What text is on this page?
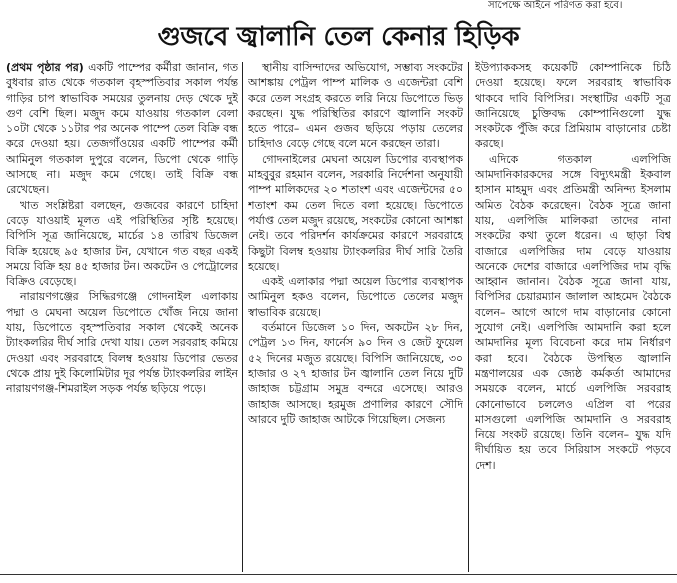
সাপেক্ষে আইনে পরিণত করা হবে।
গুজবে জ্বালানি তেল কেনার হিড়িক

(প্রথম পৃষ্ঠার পর) একটি পাম্পের কর্মীরা জানান, গত বুধবার রাত থেকে গতকাল বৃহস্পতিবার সকাল পর্যন্ত গাড়ির চাপ স্বাভাবিক সময়ের তুলনায় দেড় থেকে দুই গুণ বেশি ছিল। মজুদ কমে যাওয়ায় গতকাল বেলা ১০টা থেকে ১১টার পর অনেক পাম্পে তেল বিক্রি বন্ধ করে দেওয়া হয়। তেজগাঁওয়ের একটি পাম্পের কর্মী আমিনুল গতকাল দুপুরে বলেন, ডিপো থেকে গাড়ি আসছে না। মজুদ কমে গেছে। তাই বিক্রি বন্ধ রেখেছেন।

খাত সংশ্লিষ্টরা বলছেন, গুজবের কারণে চাহিদা বেড়ে যাওয়াই মূলত এই পরিস্থিতির সৃষ্টি হয়েছে। বিপিসি সূত্র জানিয়েছে, মার্চের ১৪ তারিখ ডিজেল বিক্রি হয়েছে ৯৫ হাজার টন, যেখানে গত বছর একই সময়ে বিক্রি হয় ৪৫ হাজার টন। অকটেন ও পেট্রোলের বিক্রিও বেড়েছে।

নারায়ণগঞ্জের সিদ্ধিরগঞ্জে গোদনাইল এলাকায় পদ্মা ও মেঘনা অয়েল ডিপোতে খোঁজ নিয়ে জানা যায়, ডিপোতে বৃহস্পতিবার সকাল থেকেই অনেক ট্যাংকলরির দীর্ঘ সারি দেখা যায়। তেল সরবরাহ কমিয়ে দেওয়া এবং সরবরাহে বিলম্ব হওয়ায় ডিপোর ভেতর থেকে প্রায় দুই কিলোমিটার দূর পর্যন্ত ট্যাংকলরির লাইন নারায়ণগঞ্জ-শিমরাইল সড়ক পর্যন্ত ছড়িয়ে পড়ে।

স্থানীয় বাসিন্দাদের অভিযোগ, সম্ভাব্য সংকটের আশঙ্কায় পেট্রল পাম্প মালিক ও এজেন্টরা বেশি করে তেল সংগ্রহ করতে লরি নিয়ে ডিপোতে ভিড় করছেন। যুদ্ধ পরিস্থিতির কারণে জ্বালানি সংকট হতে পারে– এমন গুজব ছড়িয়ে পড়ায় তেলের চাহিদাও বেড়ে গেছে বলে মনে করছেন তারা।

গোদনাইলের মেঘনা অয়েল ডিপোর ব্যবস্থাপক মাহবুবুর রহমান বলেন, সরকারি নির্দেশনা অনুযায়ী পাম্প মালিকদের ২০ শতাংশ এবং এজেন্টদের ৫০ শতাংশ কম তেল দিতে বলা হয়েছে। ডিপোতে পর্যাপ্ত তেল মজুদ রয়েছে, সংকটের কোনো আশঙ্কা নেই। তবে পরিদর্শন কার্যক্রমের কারণে সরবরাহে কিছুটা বিলম্ব হওয়ায় ট্যাংকলরির দীর্ঘ সারি তৈরি হয়েছে।

একই এলাকার পদ্মা অয়েল ডিপোর ব্যবস্থাপক আমিনুল হকও বলেন, ডিপোতে তেলের মজুদ স্বাভাবিক রয়েছে।

বর্তমানে ডিজেল ১০ দিন, অকটেন ২৮ দিন, পেট্রল ১৩ দিন, ফার্নেস ৯০ দিন ও জেট ফুয়েল ৫২ দিনের মজুত রয়েছে। বিপিসি জানিয়েছে, ৩০ হাজার ও ২৭ হাজার টন জ্বালানি তেল নিয়ে দুটি জাহাজ চট্টগ্রাম সমুদ্র বন্দরে এসেছে। আরও জাহাজ আসছে। হরমুজ প্রণালির কারণে সৌদি আরবে দুটি জাহাজ আটকে গিয়েছিল। সেজন্য

ইউপ্যাককসহ কয়েকটি কোম্পানিকে চিঠি দেওয়া হয়েছে। ফলে সরবরাহ স্বাভাবিক থাকবে দাবি বিপিসির। সংস্থাটির একটি সূত্র জানিয়েছে চুক্তিবদ্ধ কোম্পানিগুলো যুদ্ধ সংকটকে পুঁজি করে প্রিমিয়াম বাড়ানোর চেষ্টা করছে।

এদিকে গতকাল এলপিজি আমদানিকারকদের সঙ্গে বিদ্যুৎমন্ত্রী ইকবাল হাসান মাহমুদ এবং প্রতিমন্ত্রী অনিন্দ্য ইসলাম অমিত বৈঠক করেছেন। বৈঠক সূত্রে জানা যায়, এলপিজি মালিকরা তাদের নানা সংকটের কথা তুলে ধরেন। এ ছাড়া বিশ্ব বাজারে এলপিজির দাম বেড়ে যাওয়ায় অনেকে দেশের বাজারে এলপিজির দাম বৃদ্ধি আহ্বান জানান। বৈঠক সূত্রে জানা যায়, বিপিসির চেয়ারম্যান জালাল আহমেদ বৈঠকে বলেন– আগে আগে দাম বাড়ানোর কোনো সুযোগ নেই। এলপিজি আমদানি করা হলে আমদানির মূল্য বিবেচনা করে দাম নির্ধারণ করা হবে। বৈঠকে উপস্থিত জ্বালানি মন্ত্রণালয়ের এক জ্যেষ্ঠ কর্মকর্তা আমাদের সময়কে বলেন, মার্চে এলপিজি সরবরাহ কোনোভাবে চললেও এপ্রিল বা পরের মাসগুলো এলপিজি আমদানি ও সরবরাহ নিয়ে সংকট রয়েছে। তিনি বলেন– যুদ্ধ যদি দীর্ঘায়িত হয় তবে সিরিয়াস সংকটে পড়বে দেশ।
